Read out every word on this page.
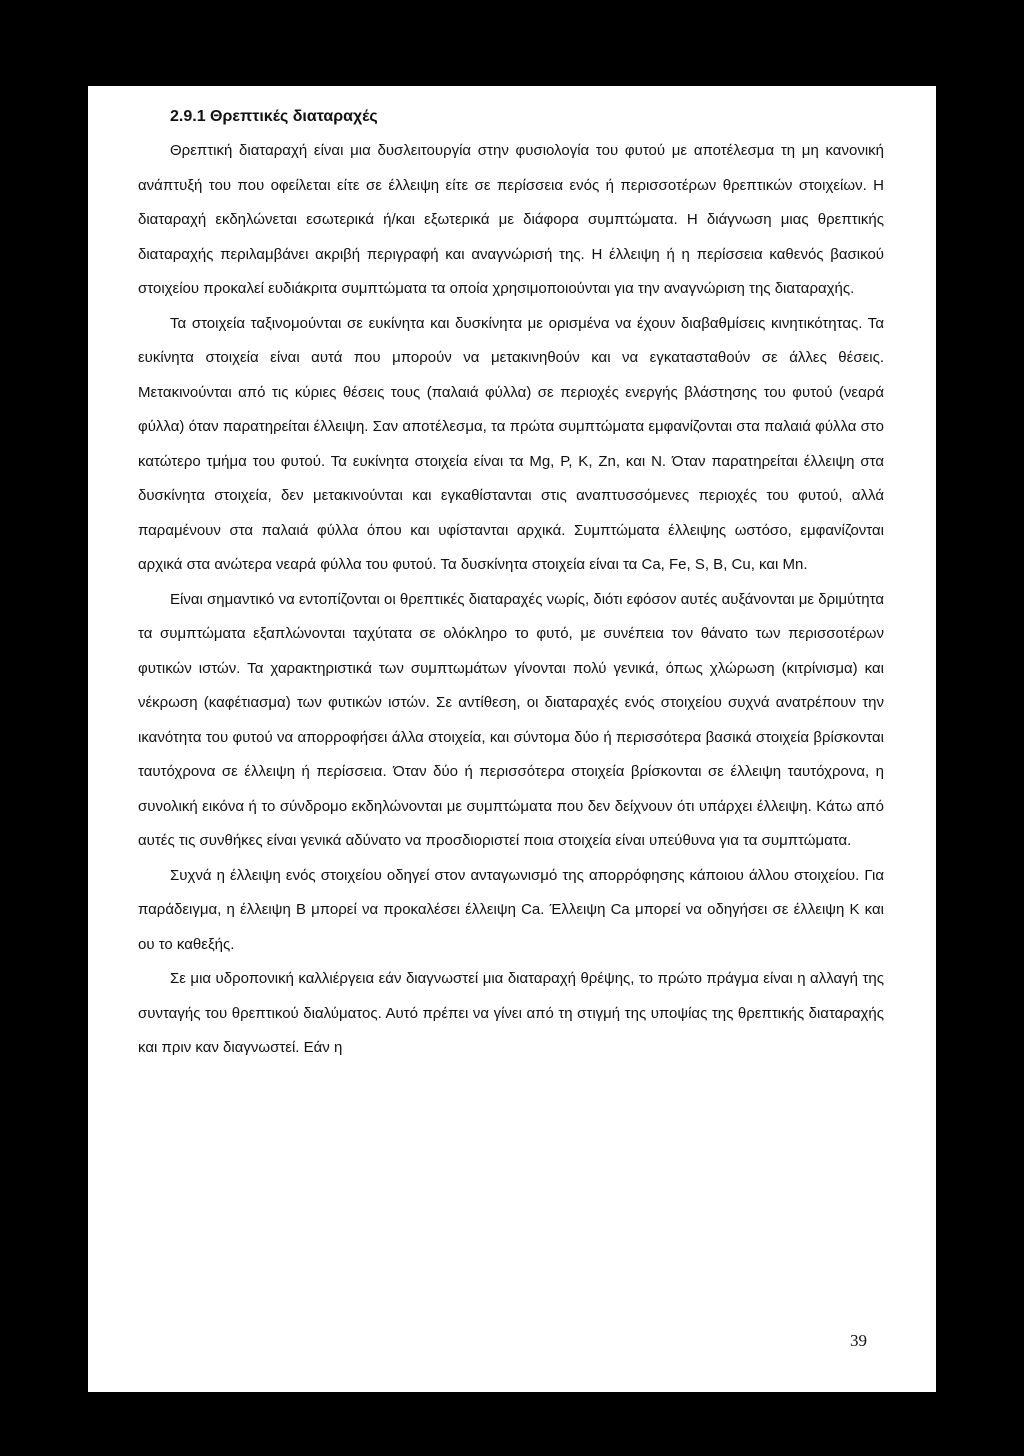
2.9.1 Θρεπτικές διαταραχές

Θρεπτική διαταραχή είναι μια δυσλειτουργία στην φυσιολογία του φυτού με αποτέλεσμα τη μη κανονική ανάπτυξή του που οφείλεται είτε σε έλλειψη είτε σε περίσσεια ενός ή περισσοτέρων θρεπτικών στοιχείων. Η διαταραχή εκδηλώνεται εσωτερικά ή/και εξωτερικά με διάφορα συμπτώματα. Η διάγνωση μιας θρεπτικής διαταραχής περιλαμβάνει ακριβή περιγραφή και αναγνώρισή της. Η έλλειψη ή η περίσσεια καθενός βασικού στοιχείου προκαλεί ευδιάκριτα συμπτώματα τα οποία χρησιμοποιούνται για την αναγνώριση της διαταραχής.

Τα στοιχεία ταξινομούνται σε ευκίνητα και δυσκίνητα με ορισμένα να έχουν διαβαθμίσεις κινητικότητας. Τα ευκίνητα στοιχεία είναι αυτά που μπορούν να μετακινηθούν και να εγκατασταθούν σε άλλες θέσεις. Μετακινούνται από τις κύριες θέσεις τους (παλαιά φύλλα) σε περιοχές ενεργής βλάστησης του φυτού (νεαρά φύλλα) όταν παρατηρείται έλλειψη. Σαν αποτέλεσμα, τα πρώτα συμπτώματα εμφανίζονται στα παλαιά φύλλα στο κατώτερο τμήμα του φυτού. Τα ευκίνητα στοιχεία είναι τα Mg, P, K, Zn, και N. Όταν παρατηρείται έλλειψη στα δυσκίνητα στοιχεία, δεν μετακινούνται και εγκαθίστανται στις αναπτυσσόμενες περιοχές του φυτού, αλλά παραμένουν στα παλαιά φύλλα όπου και υφίστανται αρχικά. Συμπτώματα έλλειψης ωστόσο, εμφανίζονται αρχικά στα ανώτερα νεαρά φύλλα του φυτού. Τα δυσκίνητα στοιχεία είναι τα Ca, Fe, S, B, Cu, και Mn.

Είναι σημαντικό να εντοπίζονται οι θρεπτικές διαταραχές νωρίς, διότι εφόσον αυτές αυξάνονται με δριμύτητα τα συμπτώματα εξαπλώνονται ταχύτατα σε ολόκληρο το φυτό, με συνέπεια τον θάνατο των περισσοτέρων φυτικών ιστών. Τα χαρακτηριστικά των συμπτωμάτων γίνονται πολύ γενικά, όπως χλώρωση (κιτρίνισμα) και νέκρωση (καφέτιασμα) των φυτικών ιστών. Σε αντίθεση, οι διαταραχές ενός στοιχείου συχνά ανατρέπουν την ικανότητα του φυτού να απορροφήσει άλλα στοιχεία, και σύντομα δύο ή περισσότερα βασικά στοιχεία βρίσκονται ταυτόχρονα σε έλλειψη ή περίσσεια. Όταν δύο ή περισσότερα στοιχεία βρίσκονται σε έλλειψη ταυτόχρονα, η συνολική εικόνα ή το σύνδρομο εκδηλώνονται με συμπτώματα που δεν δείχνουν ότι υπάρχει έλλειψη. Κάτω από αυτές τις συνθήκες είναι γενικά αδύνατο να προσδιοριστεί ποια στοιχεία είναι υπεύθυνα για τα συμπτώματα.

Συχνά η έλλειψη ενός στοιχείου οδηγεί στον ανταγωνισμό της απορρόφησης κάποιου άλλου στοιχείου. Για παράδειγμα, η έλλειψη B μπορεί να προκαλέσει έλλειψη Ca. Έλλειψη Ca μπορεί να οδηγήσει σε έλλειψη K και ου το καθεξής.

Σε μια υδροπονική καλλιέργεια εάν διαγνωστεί μια διαταραχή θρέψης, το πρώτο πράγμα είναι η αλλαγή της συνταγής του θρεπτικού διαλύματος. Αυτό πρέπει να γίνει από τη στιγμή της υποψίας της θρεπτικής διαταραχής και πριν καν διαγνωστεί. Εάν η

39
